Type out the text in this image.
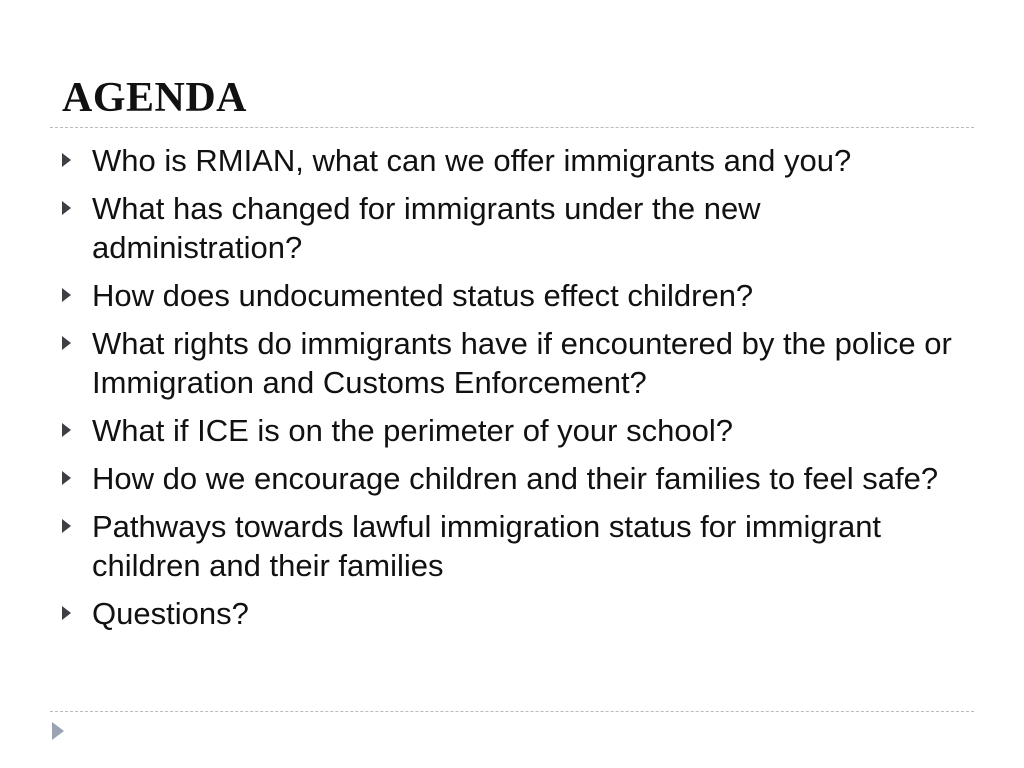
AGENDA
Who is RMIAN, what can we offer immigrants and you?
What has changed for immigrants under the new administration?
How does undocumented status effect children?
What rights do immigrants have if encountered by the police or Immigration and Customs Enforcement?
What if ICE is on the perimeter of your school?
How do we encourage children and their families to feel safe?
Pathways towards lawful immigration status for immigrant children and their families
Questions?
